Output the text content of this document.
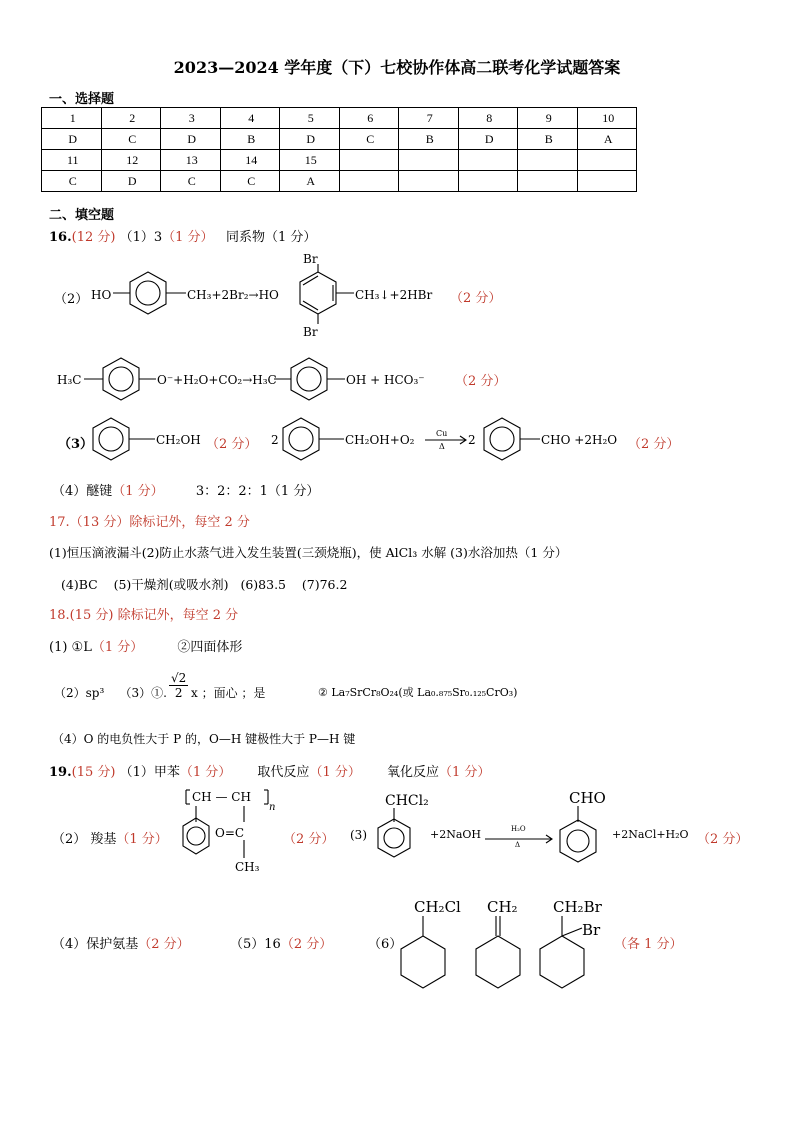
2023—2024 学年度（下）七校协作体高二联考化学试题答案
一、选择题
1	2	3	4	5	6	7	8	9	10
D	C	D	B	D	C	B	D	B	A
11	12	13	14	15					
C	D	C	C	A					
二、填空题
16.(12 分) （1）3（1 分） 同系物（1 分）
（2） HO	CH₃+2Br₂→HO
Br
Br
CH₃↓+2HBr （2 分）
H₃C	O⁻+H₂O+CO₂→H₃C	OH + HCO₃⁻ （2 分）
（3）	CH₂OH （2 分） 2	CH₂OH+O₂	Cu
Δ 2	CHO +2H₂O （2 分）
（4）醚键（1 分） 3：2：2：1（1 分）
17.（13 分）除标记外，每空 2 分
(1)恒压滴液漏斗(2)防止水蒸气进入发生装置(三颈烧瓶)，使 AlCl₃ 水解 (3)水浴加热（1 分）
(4)BC    (5)干燥剂(或吸水剂)   (6)83.5    (7)76.2
18.(15 分) 除标记外，每空 2 分
(1) ①L（1 分）	②四面体形
（2）sp³    （3）①. $\frac{√2}{2}$ x ；面心 ；是	② La₇SrCr₈O₂₄(或 La₀.₈₇₅Sr₀.₁₂₅CrO₃)
（4）O 的电负性大于 P 的，O—H 键极性大于 P—H 键
19.(15 分) （1）甲苯（1 分） 取代反应（1 分） 氧化反应（1 分）
（2） 羧基（1 分）
CH — CH
n
O=C
CH₃
（2 分） (3)
CHCl₂
+2NaOH	H₂O
Δ
CHO
+2NaCl+H₂O （2 分）
（4）保护氨基（2 分）	（5）16（2 分）	（6）
CH₂Cl CH₂ CH₂Br
Br
（各 1 分）
